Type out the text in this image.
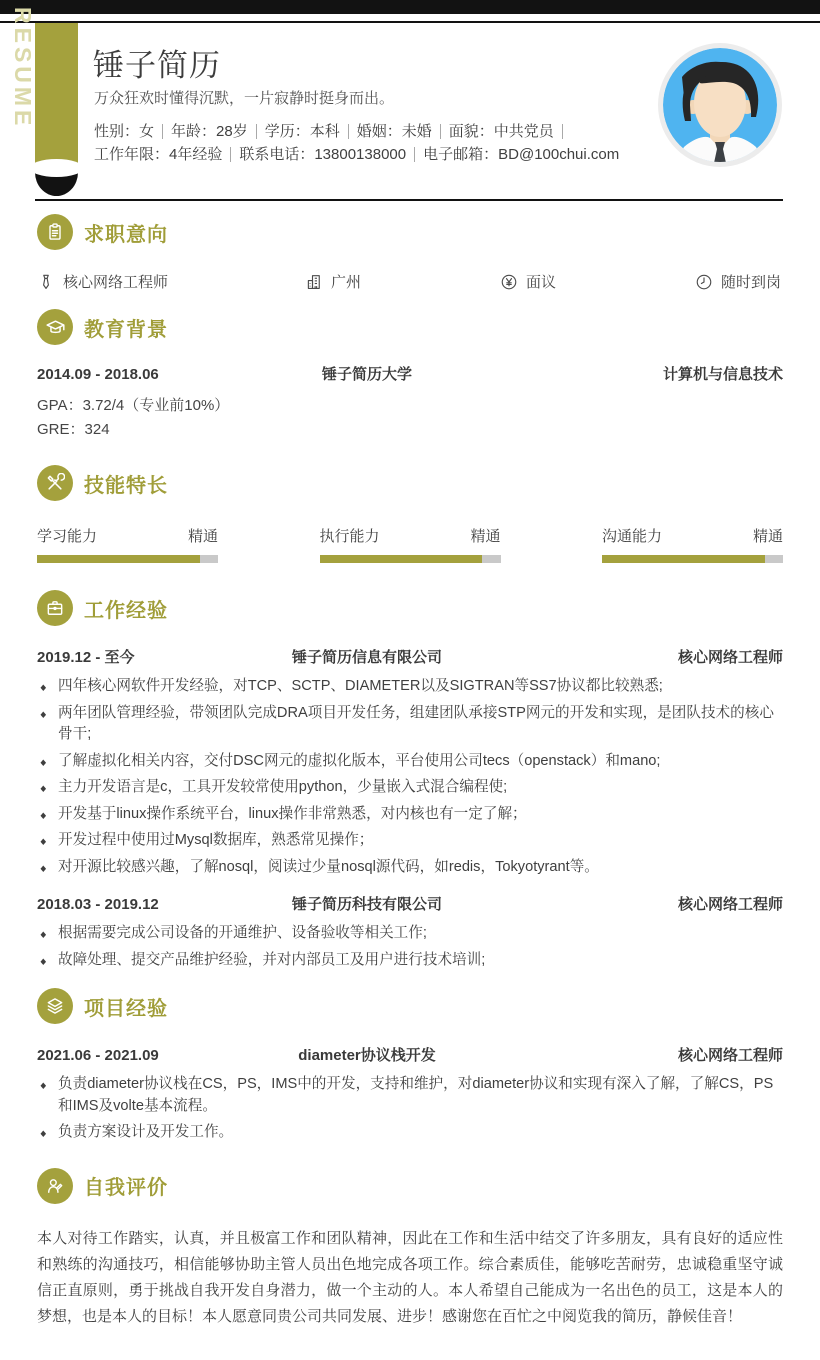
RESUME 锤子简历
万众狂欢时懂得沉默，一片寂静时挺身而出。
性别：女 年龄：28岁 学历：本科 婚姻：未婚 面貌：中共党员
工作年限：4年经验 联系电话：13800138000 电子邮箱：BD@100chui.com
求职意向
核心网络工程师	广州	面议	随时到岗
教育背景
2014.09 - 2018.06	锤子简历大学	计算机与信息技术
GPA：3.72/4（专业前10%）
GRE：324
技能特长
学习能力	精通	执行能力	精通	沟通能力	精通
工作经验
2019.12 - 至今	锤子简历信息有限公司	核心网络工程师
◆ 四年核心网软件开发经验，对TCP、SCTP、DIAMETER以及SIGTRAN等SS7协议都比较熟悉;
◆ 两年团队管理经验，带领团队完成DRA项目开发任务，组建团队承接STP网元的开发和实现，是团队技术的核心骨干;
◆ 了解虚拟化相关内容，交付DSC网元的虚拟化版本，平台使用公司tecs（openstack）和mano;
◆ 主力开发语言是c，工具开发较常使用python，少量嵌入式混合编程使;
◆ 开发基于linux操作系统平台，linux操作非常熟悉，对内核也有一定了解；
◆ 开发过程中使用过Mysql数据库，熟悉常见操作；
◆ 对开源比较感兴趣，了解nosql，阅读过少量nosql源代码，如redis，Tokyotyrant等。
2018.03 - 2019.12	锤子简历科技有限公司	核心网络工程师
◆ 根据需要完成公司设备的开通维护、设备验收等相关工作;
◆ 故障处理、提交产品维护经验，并对内部员工及用户进行技术培训;
项目经验
2021.06 - 2021.09	diameter协议栈开发	核心网络工程师
◆ 负责diameter协议栈在CS，PS，IMS中的开发，支持和维护，对diameter协议和实现有深入了解，了解CS，PS和IMS及volte基本流程。
◆ 负责方案设计及开发工作。
自我评价
本人对待工作踏实，认真，并且极富工作和团队精神，因此在工作和生活中结交了许多朋友，具有良好的适应性和熟练的沟通技巧，相信能够协助主管人员出色地完成各项工作。综合素质佳，能够吃苦耐劳，忠诚稳重坚守诚信正直原则，勇于挑战自我开发自身潜力，做一个主动的人。本人希望自己能成为一名出色的员工，这是本人的梦想，也是本人的目标！本人愿意同贵公司共同发展、进步！感谢您在百忙之中阅览我的简历，静候佳音！
